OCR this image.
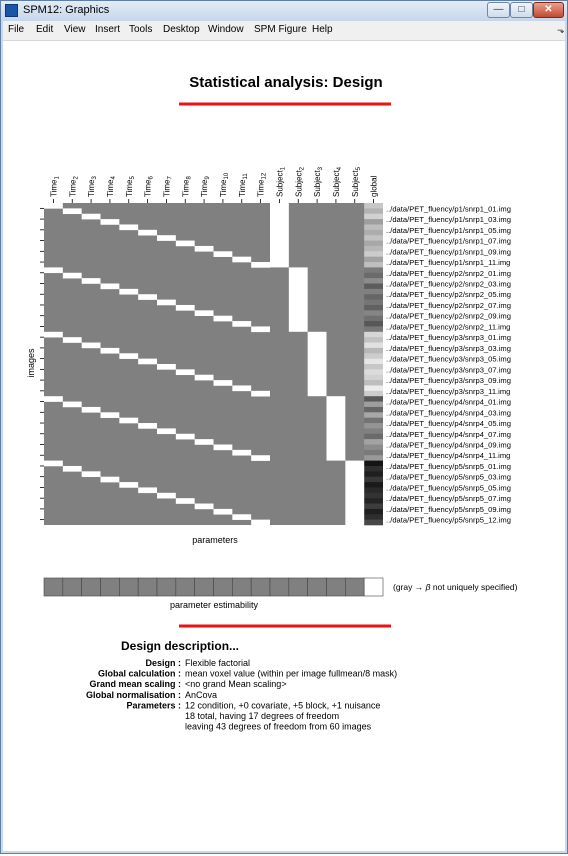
SPM12: Graphics	—	□	✕
File Edit View Insert Tools Desktop Window SPM Figure Help	⬎
Statistical analysis: Design
Time$_1$
Time$_2$
Time$_3$
Time$_4$
Time$_5$
Time$_6$
Time$_7$
Time$_8$
Time$_9$
Time$_{10}$
Time$_{11}$
Time$_{12}$ Subject$_1$
Subject$_2$
Subject$_3$
Subject$_4$
Subject$_5$
global
../data/PET_fluency/p1/snrp1_01.img
../data/PET_fluency/p1/snrp1_03.img
../data/PET_fluency/p1/snrp1_05.img
../data/PET_fluency/p1/snrp1_07.img
../data/PET_fluency/p1/snrp1_09.img
../data/PET_fluency/p1/snrp1_11.img
../data/PET_fluency/p2/snrp2_01.img
../data/PET_fluency/p2/snrp2_03.img
../data/PET_fluency/p2/snrp2_05.img
../data/PET_fluency/p2/snrp2_07.img
../data/PET_fluency/p2/snrp2_09.img
../data/PET_fluency/p2/snrp2_11.img
../data/PET_fluency/p3/snrp3_01.img
../data/PET_fluency/p3/snrp3_03.img
../data/PET_fluency/p3/snrp3_05.img
../data/PET_fluency/p3/snrp3_07.img
../data/PET_fluency/p3/snrp3_09.img
../data/PET_fluency/p3/snrp3_11.img
../data/PET_fluency/p4/snrp4_01.img
../data/PET_fluency/p4/snrp4_03.img
../data/PET_fluency/p4/snrp4_05.img
../data/PET_fluency/p4/snrp4_07.img
../data/PET_fluency/p4/snrp4_09.img
../data/PET_fluency/p4/snrp4_11.img
../data/PET_fluency/p5/snrp5_01.img
../data/PET_fluency/p5/snrp5_03.img
../data/PET_fluency/p5/snrp5_05.img
../data/PET_fluency/p5/snrp5_07.img
../data/PET_fluency/p5/snrp5_09.img
../data/PET_fluency/p5/snrp5_12.img
parameters
images
parameter estimability
(gray → β not uniquely specified)
Design description...
Design : Flexible factorial
Global calculation : mean voxel value (within per image fullmean/8 mask)
Grand mean scaling : <no grand Mean scaling>
Global normalisation : AnCova
Parameters : 12 condition, +0 covariate, +5 block, +1 nuisance
18 total, having 17 degrees of freedom
leaving 43 degrees of freedom from 60 images
